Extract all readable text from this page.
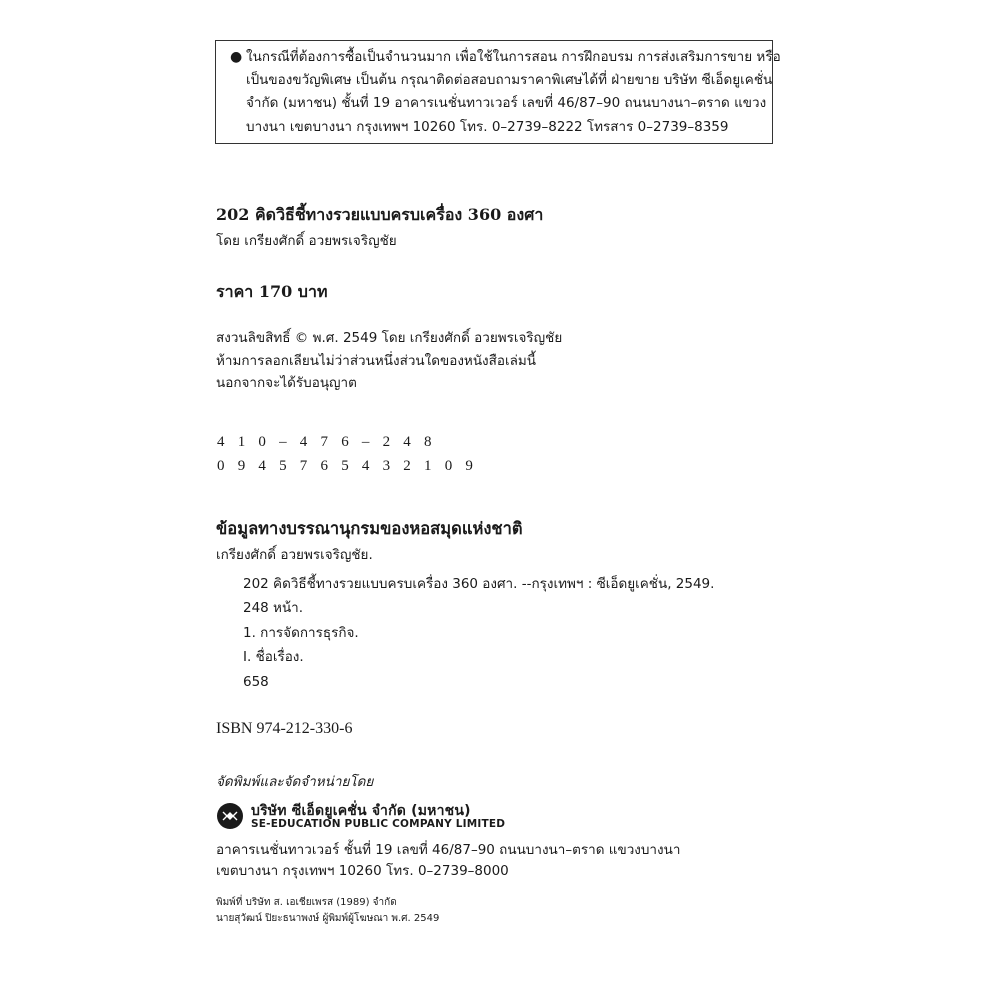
● ในกรณีที่ต้องการซื้อเป็นจำนวนมาก เพื่อใช้ในการสอน การฝึกอบรม การส่งเสริมการขาย หรือ
เป็นของขวัญพิเศษ เป็นต้น กรุณาติดต่อสอบถามราคาพิเศษได้ที่ ฝ่ายขาย บริษัท ซีเอ็ดยูเคชั่น
จำกัด (มหาชน) ชั้นที่ 19 อาคารเนชั่นทาวเวอร์ เลขที่ 46/87–90 ถนนบางนา–ตราด แขวง
บางนา เขตบางนา กรุงเทพฯ 10260 โทร. 0–2739–8222 โทรสาร 0–2739–8359
202 คิดวิธีชี้ทางรวยแบบครบเครื่อง 360 องศา
โดย เกรียงศักดิ์ อวยพรเจริญชัย
ราคา 170 บาท
สงวนลิขสิทธิ์ © พ.ศ. 2549 โดย เกรียงศักดิ์ อวยพรเจริญชัย
ห้ามการลอกเลียนไม่ว่าส่วนหนึ่งส่วนใดของหนังสือเล่มนี้
นอกจากจะได้รับอนุญาต
410–476–248
0945765432109
ข้อมูลทางบรรณานุกรมของหอสมุดแห่งชาติ
เกรียงศักดิ์ อวยพรเจริญชัย.
202 คิดวิธีชี้ทางรวยแบบครบเครื่อง 360 องศา. --กรุงเทพฯ : ซีเอ็ดยูเคชั่น, 2549.
248 หน้า.
1. การจัดการธุรกิจ.
I. ชื่อเรื่อง.
658
ISBN 974-212-330-6
จัดพิมพ์และจัดจำหน่ายโดย
บริษัท ซีเอ็ดยูเคชั่น จำกัด (มหาชน)
SE-EDUCATION PUBLIC COMPANY LIMITED
อาคารเนชั่นทาวเวอร์ ชั้นที่ 19 เลขที่ 46/87–90 ถนนบางนา–ตราด แขวงบางนา
เขตบางนา กรุงเทพฯ 10260 โทร. 0–2739–8000
พิมพ์ที่ บริษัท ส. เอเชียเพรส (1989) จำกัด
นายสุวัฒน์ ปิยะธนาพงษ์ ผู้พิมพ์ผู้โฆษณา พ.ศ. 2549
